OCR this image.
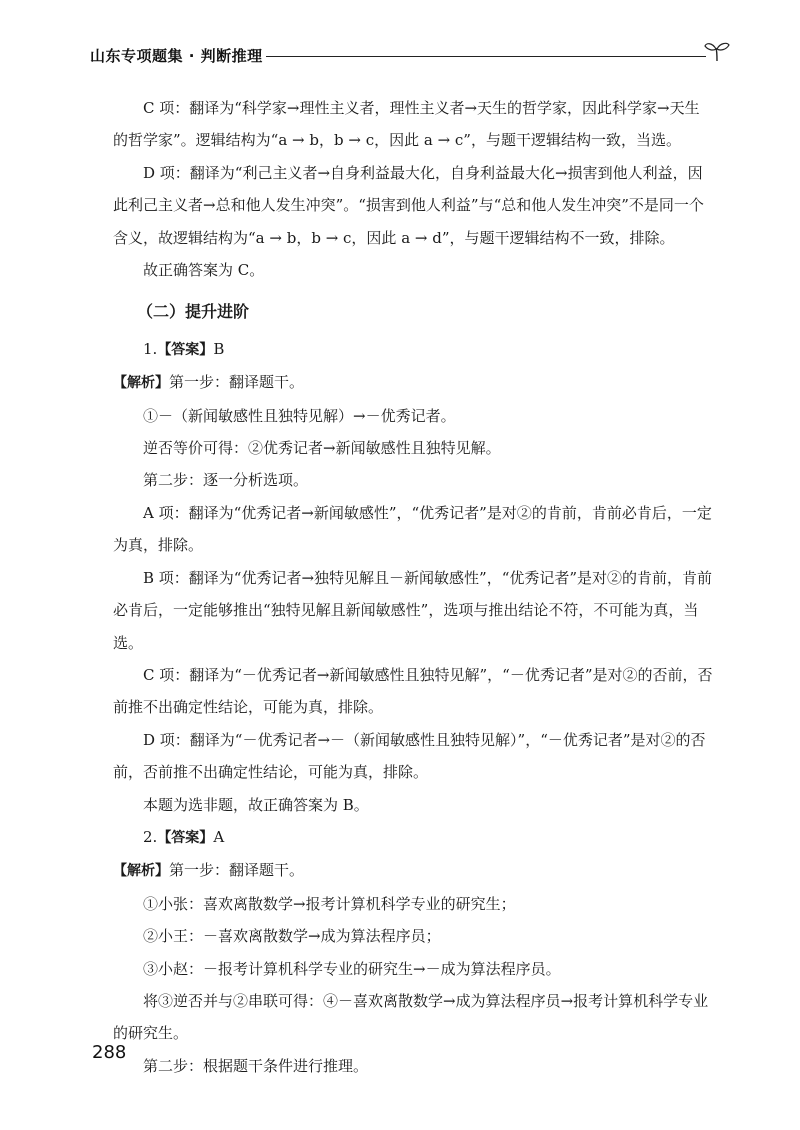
山东专项题集 · 判断推理

C 项：翻译为“科学家→理性主义者，理性主义者→天生的哲学家，因此科学家→天生的哲学家”。逻辑结构为“a → b，b → c，因此 a → c”，与题干逻辑结构一致，当选。

D 项：翻译为“利己主义者→自身利益最大化，自身利益最大化→损害到他人利益，因此利己主义者→总和他人发生冲突”。“损害到他人利益”与“总和他人发生冲突”不是同一个含义，故逻辑结构为“a → b，b → c，因此 a → d”，与题干逻辑结构不一致，排除。

故正确答案为 C。

（二）提升进阶

1.【答案】B

【解析】第一步：翻译题干。

①－（新闻敏感性且独特见解）→－优秀记者。

逆否等价可得：②优秀记者→新闻敏感性且独特见解。

第二步：逐一分析选项。

A 项：翻译为“优秀记者→新闻敏感性”，“优秀记者”是对②的肯前，肯前必肯后，一定为真，排除。

B 项：翻译为“优秀记者→独特见解且－新闻敏感性”，“优秀记者”是对②的肯前，肯前必肯后，一定能够推出“独特见解且新闻敏感性”，选项与推出结论不符，不可能为真，当选。

C 项：翻译为“－优秀记者→新闻敏感性且独特见解”，“－优秀记者”是对②的否前，否前推不出确定性结论，可能为真，排除。

D 项：翻译为“－优秀记者→－（新闻敏感性且独特见解）”，“－优秀记者”是对②的否前，否前推不出确定性结论，可能为真，排除。

本题为选非题，故正确答案为 B。

2.【答案】A

【解析】第一步：翻译题干。

①小张：喜欢离散数学→报考计算机科学专业的研究生；

②小王：－喜欢离散数学→成为算法程序员；

③小赵：－报考计算机科学专业的研究生→－成为算法程序员。

将③逆否并与②串联可得：④－喜欢离散数学→成为算法程序员→报考计算机科学专业的研究生。

第二步：根据题干条件进行推理。

288
